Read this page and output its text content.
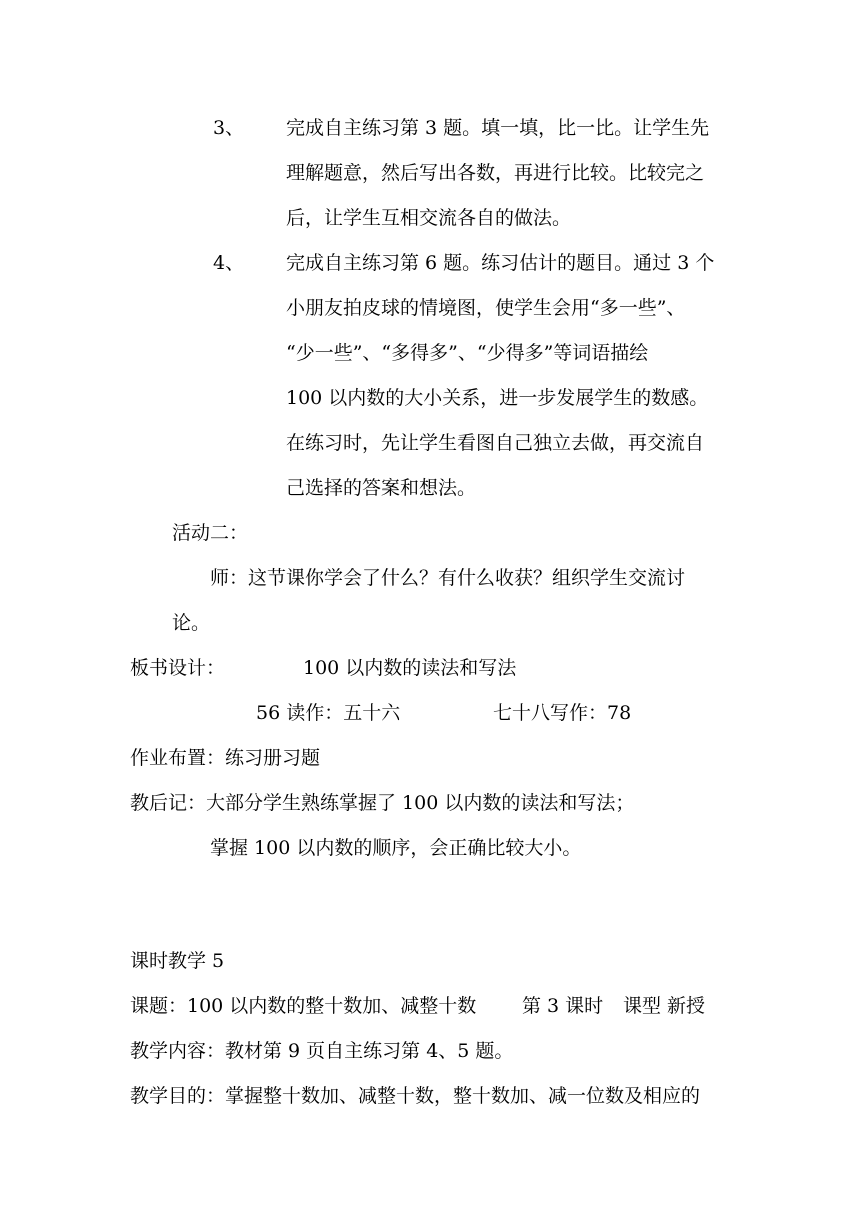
3、 完成自主练习第 3 题。填一填，比一比。让学生先
理解题意，然后写出各数，再进行比较。比较完之
后，让学生互相交流各自的做法。
4、 完成自主练习第 6 题。练习估计的题目。通过 3 个
小朋友拍皮球的情境图，使学生会用“多一些”、
“少一些”、“多得多”、“少得多”等词语描绘
100 以内数的大小关系，进一步发展学生的数感。
在练习时，先让学生看图自己独立去做，再交流自
己选择的答案和想法。
活动二：
师：这节课你学会了什么？有什么收获？组织学生交流讨
论。
板书设计：	100 以内数的读法和写法
56 读作：五十六	七十八写作：78
作业布置：练习册习题
教后记：大部分学生熟练掌握了 100 以内数的读法和写法；
掌握 100 以内数的顺序，会正确比较大小。
课时教学 5
课题：100 以内数的整十数加、减整十数 第 3 课时 课型 新授
教学内容：教材第 9 页自主练习第 4、5 题。
教学目的：掌握整十数加、减整十数，整十数加、减一位数及相应的
